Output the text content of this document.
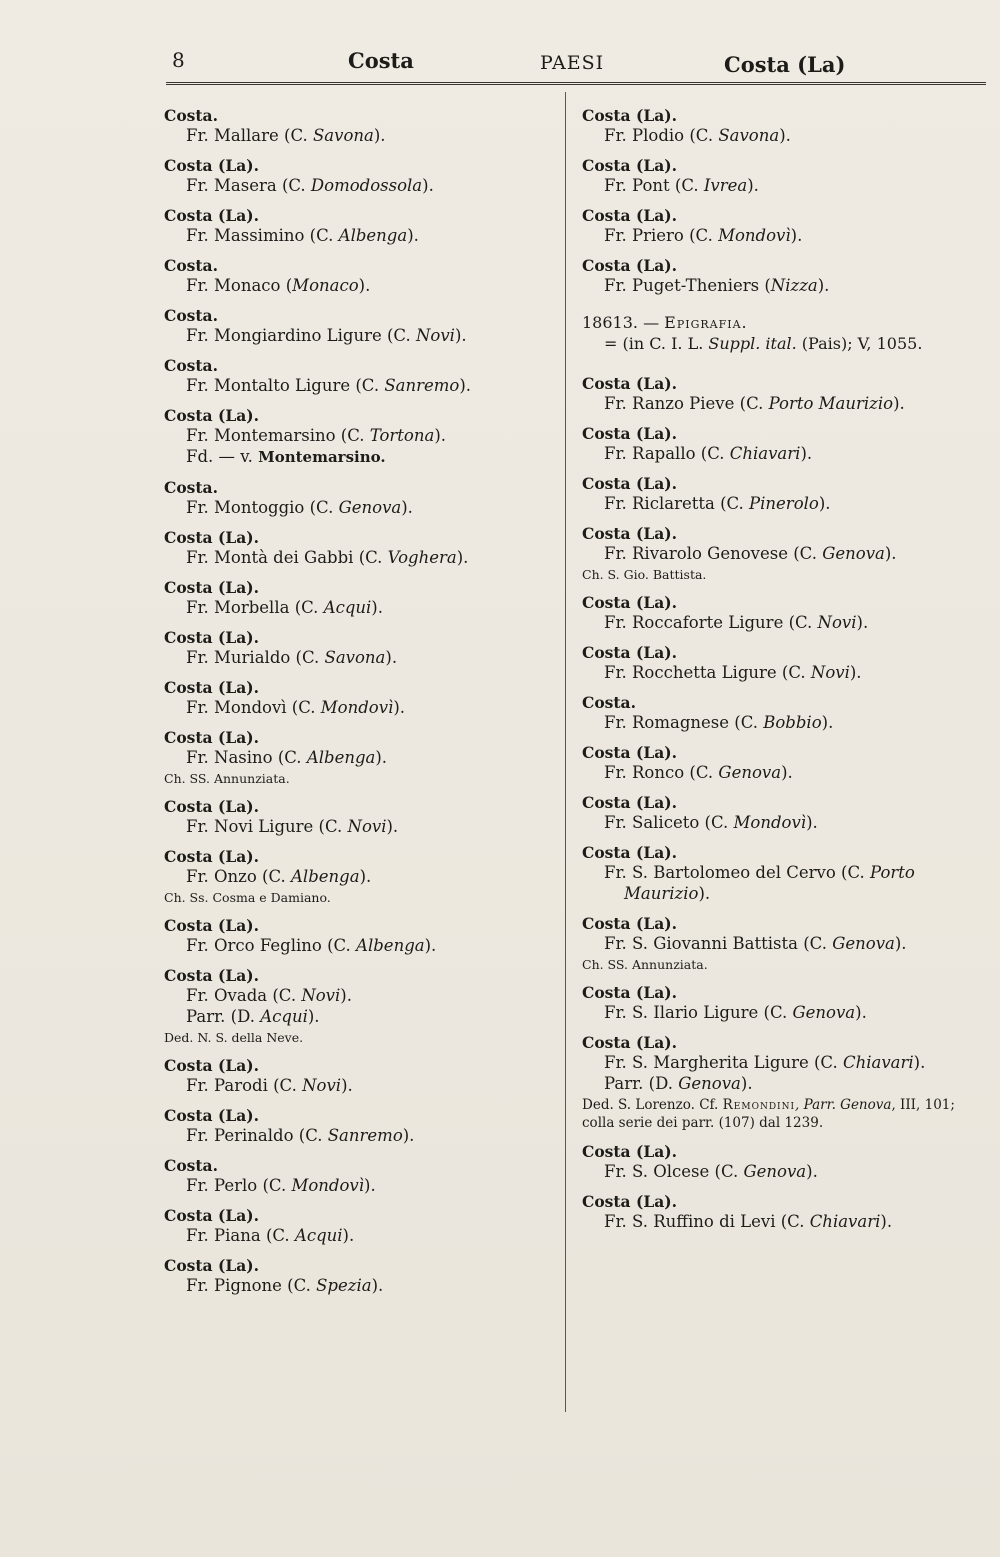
8	Costa	PAESI	Costa (La)
Costa.
Fr. Mallare (C. Savona).
Costa (La).
Fr. Masera (C. Domodossola).
Costa (La).
Fr. Massimino (C. Albenga).
Costa.
Fr. Monaco (Monaco).
Costa.
Fr. Mongiardino Ligure (C. Novi).
Costa.
Fr. Montalto Ligure (C. Sanremo).
Costa (La).
Fr. Montemarsino (C. Tortona).
Fd. — v. Montemarsino.
Costa.
Fr. Montoggio (C. Genova).
Costa (La).
Fr. Montà dei Gabbi (C. Voghera).
Costa (La).
Fr. Morbella (C. Acqui).
Costa (La).
Fr. Murialdo (C. Savona).
Costa (La).
Fr. Mondovì (C. Mondovì).
Costa (La).
Fr. Nasino (C. Albenga).
Ch. SS. Annunziata.
Costa (La).
Fr. Novi Ligure (C. Novi).
Costa (La).
Fr. Onzo (C. Albenga).
Ch. Ss. Cosma e Damiano.
Costa (La).
Fr. Orco Feglino (C. Albenga).
Costa (La).
Fr. Ovada (C. Novi).
Parr. (D. Acqui).
Ded. N. S. della Neve.
Costa (La).
Fr. Parodi (C. Novi).
Costa (La).
Fr. Perinaldo (C. Sanremo).
Costa.
Fr. Perlo (C. Mondovì).
Costa (La).
Fr. Piana (C. Acqui).
Costa (La).
Fr. Pignone (C. Spezia).
Costa (La).
Fr. Plodio (C. Savona).
Costa (La).
Fr. Pont (C. Ivrea).
Costa (La).
Fr. Priero (C. Mondovì).
Costa (La).
Fr. Puget-Theniers (Nizza).
18613. — Epigrafia.
= (in C. I. L. Suppl. ital. (Pais); V, 1055.
Costa (La).
Fr. Ranzo Pieve (C. Porto Maurizio).
Costa (La).
Fr. Rapallo (C. Chiavari).
Costa (La).
Fr. Riclaretta (C. Pinerolo).
Costa (La).
Fr. Rivarolo Genovese (C. Genova).
Ch. S. Gio. Battista.
Costa (La).
Fr. Roccaforte Ligure (C. Novi).
Costa (La).
Fr. Rocchetta Ligure (C. Novi).
Costa.
Fr. Romagnese (C. Bobbio).
Costa (La).
Fr. Ronco (C. Genova).
Costa (La).
Fr. Saliceto (C. Mondovì).
Costa (La).
Fr. S. Bartolomeo del Cervo (C. Porto
Maurizio).
Costa (La).
Fr. S. Giovanni Battista (C. Genova).
Ch. SS. Annunziata.
Costa (La).
Fr. S. Ilario Ligure (C. Genova).
Costa (La).
Fr. S. Margherita Ligure (C. Chiavari).
Parr. (D. Genova).
Ded. S. Lorenzo. Cf. Remondini, Parr. Genova, III, 101; colla serie dei parr. (107) dal 1239.
Costa (La).
Fr. S. Olcese (C. Genova).
Costa (La).
Fr. S. Ruffino di Levi (C. Chiavari).
